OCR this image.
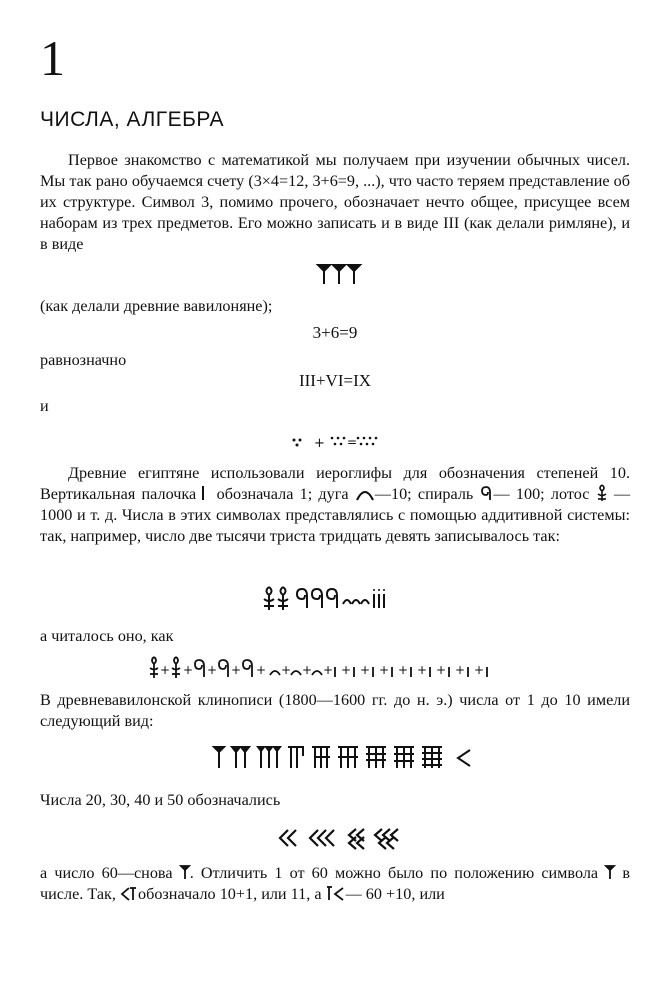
1
ЧИСЛА, АЛГЕБРА
Первое знакомство с математикой мы получаем при изучении обычных чисел. Мы так рано обучаемся счету (3×4=12, 3+6=9, ...), что часто теряем представление об их структуре. Символ 3, помимо прочего, обозначает нечто общее, присущее всем наборам из трех предметов. Его можно записать и в виде III (как делали римляне), и в виде
(как делали древние вавилоняне);
3+6=9
равнозначно
III+VI=IX
и
+ =
Древние египтяне использовали иероглифы для обозначения степеней 10. Вертикальная палочка обозначала 1; дуга —10; спираль — 100; лотос —1000 и т. д. Числа в этих символах представлялись с помощью аддитивной системы: так, например, число две тысячи триста тридцать девять записывалось так:
а читалось оно, как
+ + + + + + + + + + + + + + + +
В древневавилонской клинописи (1800—1600 гг. до н. э.) числа от 1 до 10 имели следующий вид:
Числа 20, 30, 40 и 50 обозначались
а число 60—снова . Отличить 1 от 60 можно было по положению символа в числе. Так, обозначало 10+1, или 11, а — 60 +10, или
